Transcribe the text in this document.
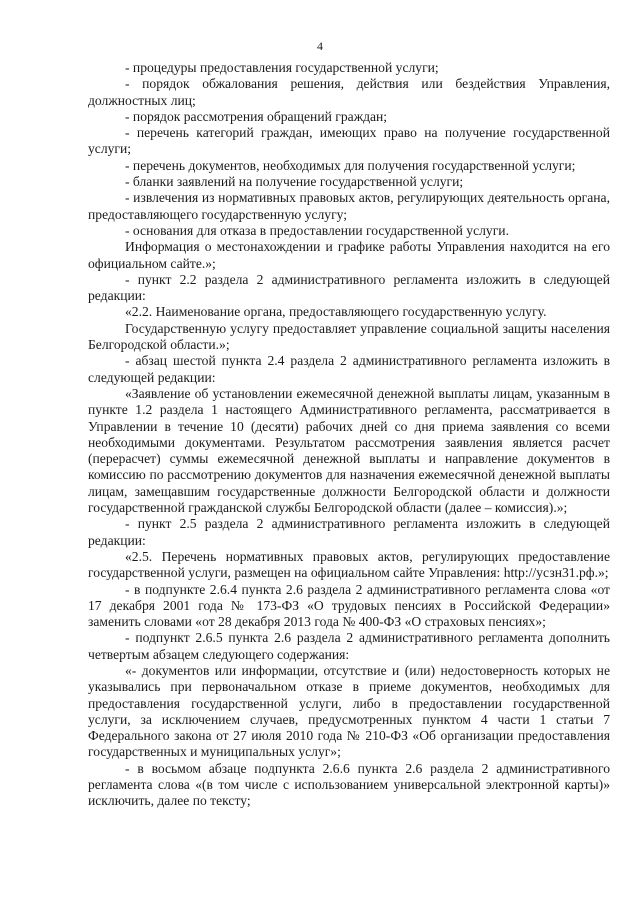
4

- процедуры предоставления государственной услуги;

- порядок обжалования решения, действия или бездействия Управления, должностных лиц;

- порядок рассмотрения обращений граждан;

- перечень категорий граждан, имеющих право на получение государственной услуги;

- перечень документов, необходимых для получения государственной услуги;

- бланки заявлений на получение государственной услуги;

- извлечения из нормативных правовых актов, регулирующих деятельность органа, предоставляющего государственную услугу;

- основания для отказа в предоставлении государственной услуги.

Информация о местонахождении и графике работы Управления находится на его официальном сайте.»;

- пункт 2.2 раздела 2 административного регламента изложить в следующей редакции:

«2.2. Наименование органа, предоставляющего государственную услугу.

Государственную услугу предоставляет управление социальной защиты населения Белгородской области.»;

- абзац шестой пункта 2.4 раздела 2 административного регламента изложить в следующей редакции:

«Заявление об установлении ежемесячной денежной выплаты лицам, указанным в пункте 1.2 раздела 1 настоящего Административного регламента, рассматривается в Управлении в течение 10 (десяти) рабочих дней со дня приема заявления со всеми необходимыми документами. Результатом рассмотрения заявления является расчет (перерасчет) суммы ежемесячной денежной выплаты и направление документов в комиссию по рассмотрению документов для назначения ежемесячной денежной выплаты лицам, замещавшим государственные должности Белгородской области и должности государственной гражданской службы Белгородской области (далее – комиссия).»;

- пункт 2.5 раздела 2 административного регламента изложить в следующей редакции:

«2.5. Перечень нормативных правовых актов, регулирующих предоставление государственной услуги, размещен на официальном сайте Управления: http://усзн31.рф.»;

- в подпункте 2.6.4 пункта 2.6 раздела 2 административного регламента слова «от 17 декабря 2001 года № 173-ФЗ «О трудовых пенсиях в Российской Федерации» заменить словами «от 28 декабря 2013 года № 400-ФЗ «О страховых пенсиях»;

- подпункт 2.6.5 пункта 2.6 раздела 2 административного регламента дополнить четвертым абзацем следующего содержания:

«- документов или информации, отсутствие и (или) недостоверность которых не указывались при первоначальном отказе в приеме документов, необходимых для предоставления государственной услуги, либо в предоставлении государственной услуги, за исключением случаев, предусмотренных пунктом 4 части 1 статьи 7 Федерального закона от 27 июля 2010 года № 210-ФЗ «Об организации предоставления государственных и муниципальных услуг»;

- в восьмом абзаце подпункта 2.6.6 пункта 2.6 раздела 2 административного регламента слова «(в том числе с использованием универсальной электронной карты)» исключить, далее по тексту;
